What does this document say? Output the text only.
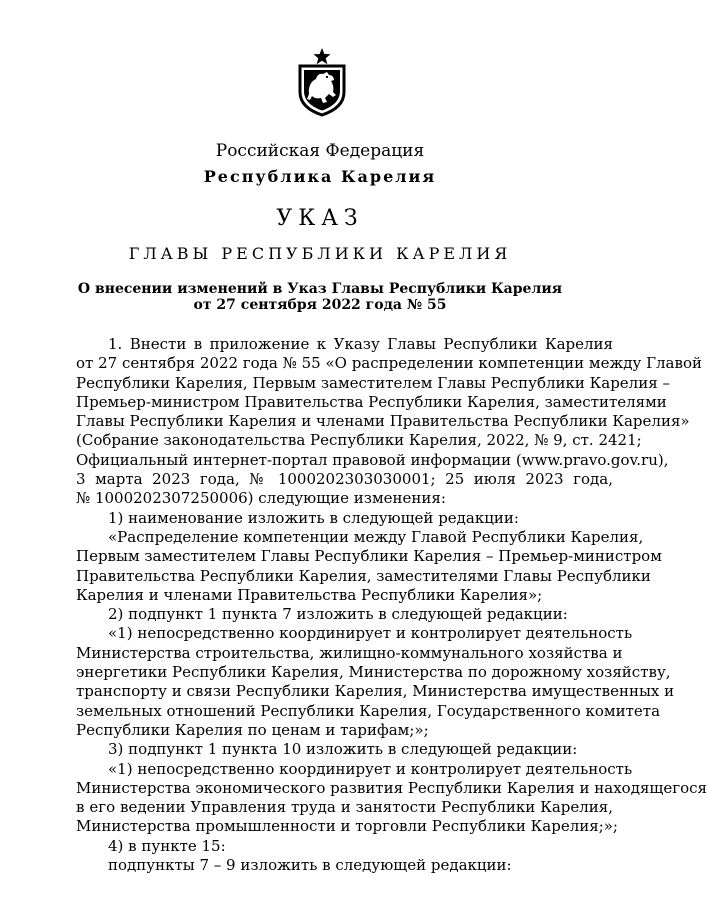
Российская Федерация
Республика Карелия
УКАЗ
ГЛАВЫ РЕСПУБЛИКИ КАРЕЛИЯ
О внесении изменений в Указ Главы Республики Карелия
от 27 сентября 2022 года № 55
1. Внести в приложение к Указу Главы Республики Карелия
от 27 сентября 2022 года № 55 «О распределении компетенции между Главой
Республики Карелия, Первым заместителем Главы Республики Карелия –
Премьер-министром Правительства Республики Карелия, заместителями
Главы Республики Карелия и членами Правительства Республики Карелия»
(Собрание законодательства Республики Карелия, 2022, № 9, ст. 2421;
Официальный интернет-портал правовой информации (www.pravo.gov.ru),
3 марта 2023 года, № 1000202303030001; 25 июля 2023 года,
№ 1000202307250006) следующие изменения:
1) наименование изложить в следующей редакции:
«Распределение компетенции между Главой Республики Карелия,
Первым заместителем Главы Республики Карелия – Премьер-министром
Правительства Республики Карелия, заместителями Главы Республики
Карелия и членами Правительства Республики Карелия»;
2) подпункт 1 пункта 7 изложить в следующей редакции:
«1) непосредственно координирует и контролирует деятельность
Министерства строительства, жилищно-коммунального хозяйства и
энергетики Республики Карелия, Министерства по дорожному хозяйству,
транспорту и связи Республики Карелия, Министерства имущественных и
земельных отношений Республики Карелия, Государственного комитета
Республики Карелия по ценам и тарифам;»;
3) подпункт 1 пункта 10 изложить в следующей редакции:
«1) непосредственно координирует и контролирует деятельность
Министерства экономического развития Республики Карелия и находящегося
в его ведении Управления труда и занятости Республики Карелия,
Министерства промышленности и торговли Республики Карелия;»;
4) в пункте 15:
подпункты 7 – 9 изложить в следующей редакции:
